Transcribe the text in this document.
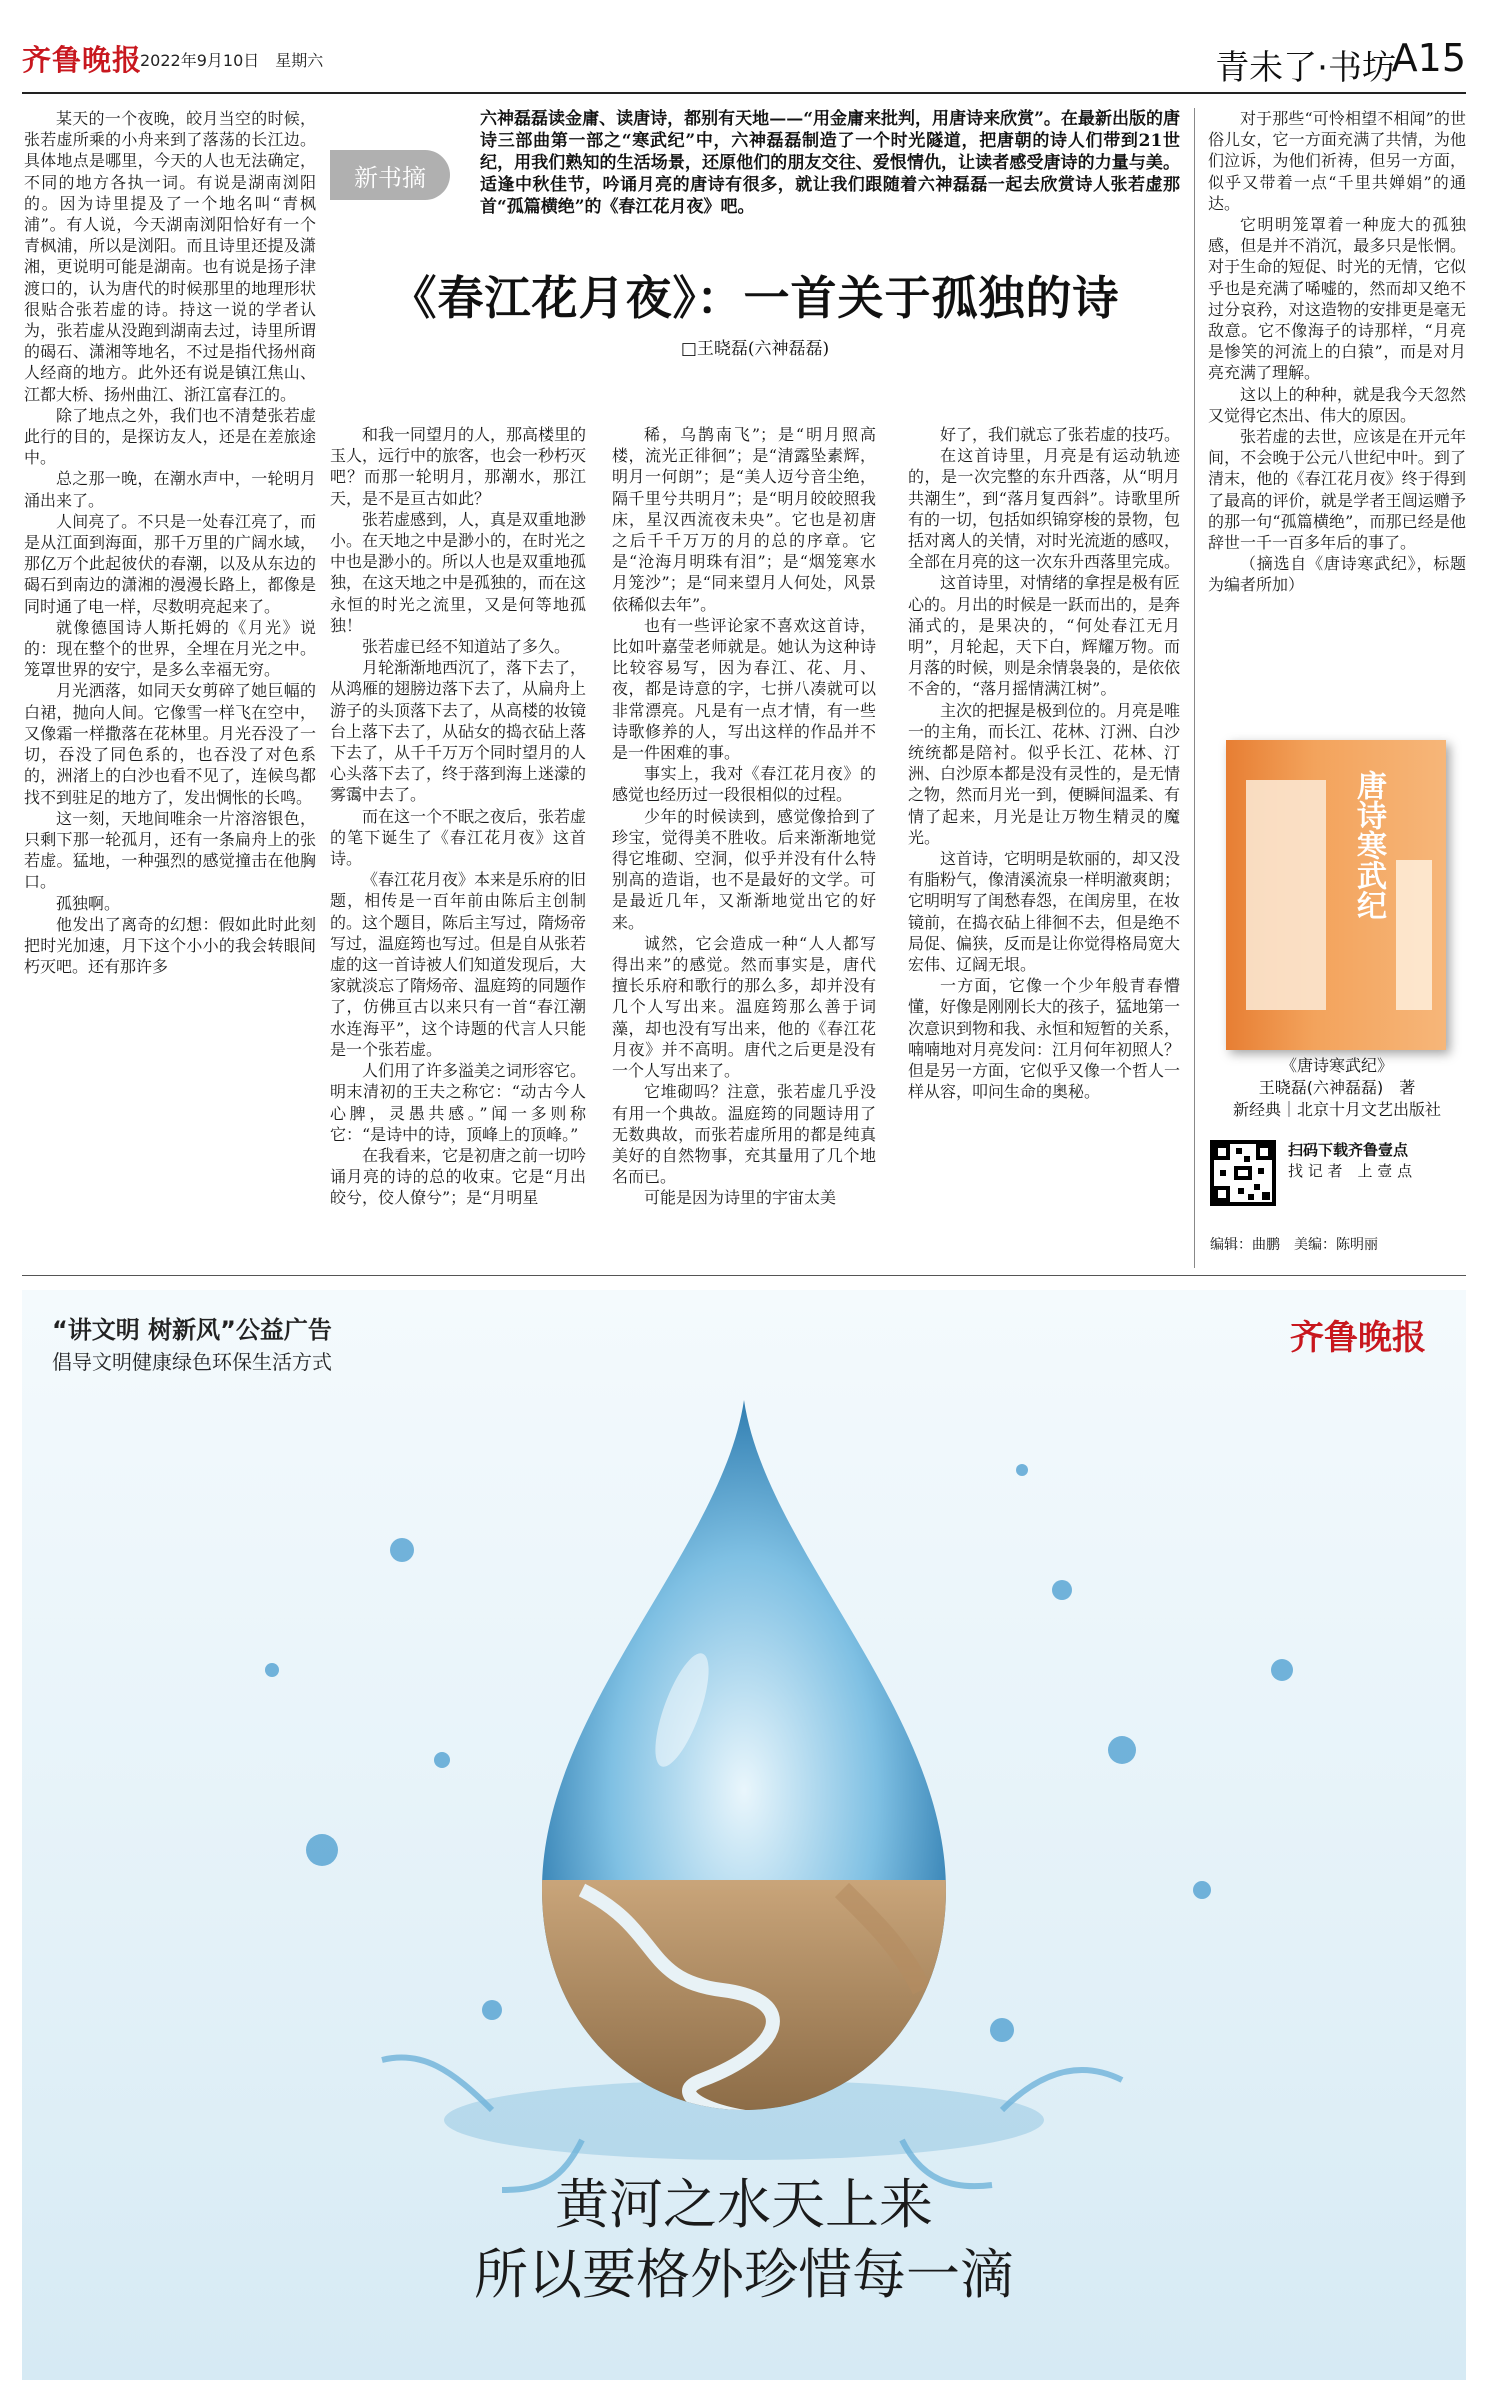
齐鲁晚报
2022年9月10日　星期六	青未了·书坊
A15

某天的一个夜晚，皎月当空的时候，张若虚所乘的小舟来到了落荡的长江边。具体地点是哪里，今天的人也无法确定，不同的地方各执一词。有说是湖南浏阳的。因为诗里提及了一个地名叫“青枫浦”。有人说，今天湖南浏阳恰好有一个青枫浦，所以是浏阳。而且诗里还提及潇湘，更说明可能是湖南。也有说是扬子津渡口的，认为唐代的时候那里的地理形状很贴合张若虚的诗。持这一说的学者认为，张若虚从没跑到湖南去过，诗里所谓的碣石、潇湘等地名，不过是指代扬州商人经商的地方。此外还有说是镇江焦山、江都大桥、扬州曲江、浙江富春江的。

除了地点之外，我们也不清楚张若虚此行的目的，是探访友人，还是在差旅途中。

总之那一晚，在潮水声中，一轮明月涌出来了。

人间亮了。不只是一处春江亮了，而是从江面到海面，那千万里的广阔水域，那亿万个此起彼伏的春潮，以及从东边的碣石到南边的潇湘的漫漫长路上，都像是同时通了电一样，尽数明亮起来了。

就像德国诗人斯托姆的《月光》说的：现在整个的世界，全埋在月光之中。笼罩世界的安宁，是多么幸福无穷。

月光洒落，如同天女剪碎了她巨幅的白裙，抛向人间。它像雪一样飞在空中，又像霜一样撒落在花林里。月光吞没了一切，吞没了同色系的，也吞没了对色系的，洲渚上的白沙也看不见了，连候鸟都找不到驻足的地方了，发出惆怅的长鸣。

这一刻，天地间唯余一片溶溶银色，只剩下那一轮孤月，还有一条扁舟上的张若虚。猛地，一种强烈的感觉撞击在他胸口。

孤独啊。

他发出了离奇的幻想：假如此时此刻把时光加速，月下这个小小的我会转眼间朽灭吧。还有那许多

新书摘
六神磊磊读金庸、读唐诗，都别有天地——“用金庸来批判，用唐诗来欣赏”。在最新出版的唐诗三部曲第一部之“寒武纪”中，六神磊磊制造了一个时光隧道，把唐朝的诗人们带到21世纪，用我们熟知的生活场景，还原他们的朋友交往、爱恨情仇，让读者感受唐诗的力量与美。适逢中秋佳节，吟诵月亮的唐诗有很多，就让我们跟随着六神磊磊一起去欣赏诗人张若虚那首“孤篇横绝”的《春江花月夜》吧。
《春江花月夜》：一首关于孤独的诗
□王晓磊(六神磊磊)

和我一同望月的人，那高楼里的玉人，远行中的旅客，也会一秒朽灭吧？而那一轮明月，那潮水，那江天，是不是亘古如此？

张若虚感到，人，真是双重地渺小。在天地之中是渺小的，在时光之中也是渺小的。所以人也是双重地孤独，在这天地之中是孤独的，而在这永恒的时光之流里，又是何等地孤独！

张若虚已经不知道站了多久。

月轮渐渐地西沉了，落下去了，从鸿雁的翅膀边落下去了，从扁舟上游子的头顶落下去了，从高楼的妆镜台上落下去了，从砧女的捣衣砧上落下去了，从千千万万个同时望月的人心头落下去了，终于落到海上迷濛的雾霭中去了。

而在这一个不眠之夜后，张若虚的笔下诞生了《春江花月夜》这首诗。

《春江花月夜》本来是乐府的旧题，相传是一百年前由陈后主创制的。这个题目，陈后主写过，隋炀帝写过，温庭筠也写过。但是自从张若虚的这一首诗被人们知道发现后，大家就淡忘了隋炀帝、温庭筠的同题作了，仿佛亘古以来只有一首“春江潮水连海平”，这个诗题的代言人只能是一个张若虚。

人们用了许多溢美之词形容它。明末清初的王夫之称它：“动古今人心脾，灵愚共感。”闻一多则称它：“是诗中的诗，顶峰上的顶峰。”

在我看来，它是初唐之前一切吟诵月亮的诗的总的收束。它是“月出皎兮，佼人僚兮”；是“月明星

稀，乌鹊南飞”；是“明月照高楼，流光正徘徊”；是“清露坠素辉，明月一何朗”；是“美人迈兮音尘绝，隔千里兮共明月”；是“明月皎皎照我床，星汉西流夜未央”。它也是初唐之后千千万万的月的总的序章。它是“沧海月明珠有泪”；是“烟笼寒水月笼沙”；是“同来望月人何处，风景依稀似去年”。

也有一些评论家不喜欢这首诗，比如叶嘉莹老师就是。她认为这种诗比较容易写，因为春江、花、月、夜，都是诗意的字，七拼八凑就可以非常漂亮。凡是有一点才情，有一些诗歌修养的人，写出这样的作品并不是一件困难的事。

事实上，我对《春江花月夜》的感觉也经历过一段很相似的过程。

少年的时候读到，感觉像拾到了珍宝，觉得美不胜收。后来渐渐地觉得它堆砌、空洞，似乎并没有什么特别高的造诣，也不是最好的文学。可是最近几年，又渐渐地觉出它的好来。

诚然，它会造成一种“人人都写得出来”的感觉。然而事实是，唐代擅长乐府和歌行的那么多，却并没有几个人写出来。温庭筠那么善于词藻，却也没有写出来，他的《春江花月夜》并不高明。唐代之后更是没有一个人写出来了。

它堆砌吗？注意，张若虚几乎没有用一个典故。温庭筠的同题诗用了无数典故，而张若虚所用的都是纯真美好的自然物事，充其量用了几个地名而已。

可能是因为诗里的宇宙太美

好了，我们就忘了张若虚的技巧。

在这首诗里，月亮是有运动轨迹的，是一次完整的东升西落，从“明月共潮生”，到“落月复西斜”。诗歌里所有的一切，包括如织锦穿梭的景物，包括对离人的关情，对时光流逝的感叹，全部在月亮的这一次东升西落里完成。

这首诗里，对情绪的拿捏是极有匠心的。月出的时候是一跃而出的，是奔涌式的，是果决的，“何处春江无月明”，月轮起，天下白，辉耀万物。而月落的时候，则是余情袅袅的，是依依不舍的，“落月摇情满江树”。

主次的把握是极到位的。月亮是唯一的主角，而长江、花林、汀洲、白沙统统都是陪衬。似乎长江、花林、汀洲、白沙原本都是没有灵性的，是无情之物，然而月光一到，便瞬间温柔、有情了起来，月光是让万物生精灵的魔光。

这首诗，它明明是软丽的，却又没有脂粉气，像清溪流泉一样明澈爽朗；它明明写了闺愁春怨，在闺房里，在妆镜前，在捣衣砧上徘徊不去，但是绝不局促、偏狭，反而是让你觉得格局宽大宏伟、辽阔无垠。

一方面，它像一个少年般青春懵懂，好像是刚刚长大的孩子，猛地第一次意识到物和我、永恒和短暂的关系，喃喃地对月亮发问：江月何年初照人？但是另一方面，它似乎又像一个哲人一样从容，叩问生命的奥秘。

对于那些“可怜相望不相闻”的世俗儿女，它一方面充满了共情，为他们泣诉，为他们祈祷，但另一方面，似乎又带着一点“千里共婵娟”的通达。

它明明笼罩着一种庞大的孤独感，但是并不消沉，最多只是怅惘。对于生命的短促、时光的无情，它似乎也是充满了唏嘘的，然而却又绝不过分哀矜，对这造物的安排更是毫无敌意。它不像海子的诗那样，“月亮是惨笑的河流上的白猿”，而是对月亮充满了理解。

这以上的种种，就是我今天忽然又觉得它杰出、伟大的原因。

张若虚的去世，应该是在开元年间，不会晚于公元八世纪中叶。到了清末，他的《春江花月夜》终于得到了最高的评价，就是学者王闿运赠予的那一句“孤篇横绝”，而那已经是他辞世一千一百多年后的事了。

（摘选自《唐诗寒武纪》，标题为编者所加）

唐诗寒武纪
《唐诗寒武纪》
王晓磊(六神磊磊)　著
新经典｜北京十月文艺出版社
扫码下载齐鲁壹点
找 记 者　上 壹 点
编辑：曲鹏　美编：陈明丽
“讲文明 树新风”公益广告
倡导文明健康绿色环保生活方式
齐鲁晚报
黄河之水天上来
所以要格外珍惜每一滴
